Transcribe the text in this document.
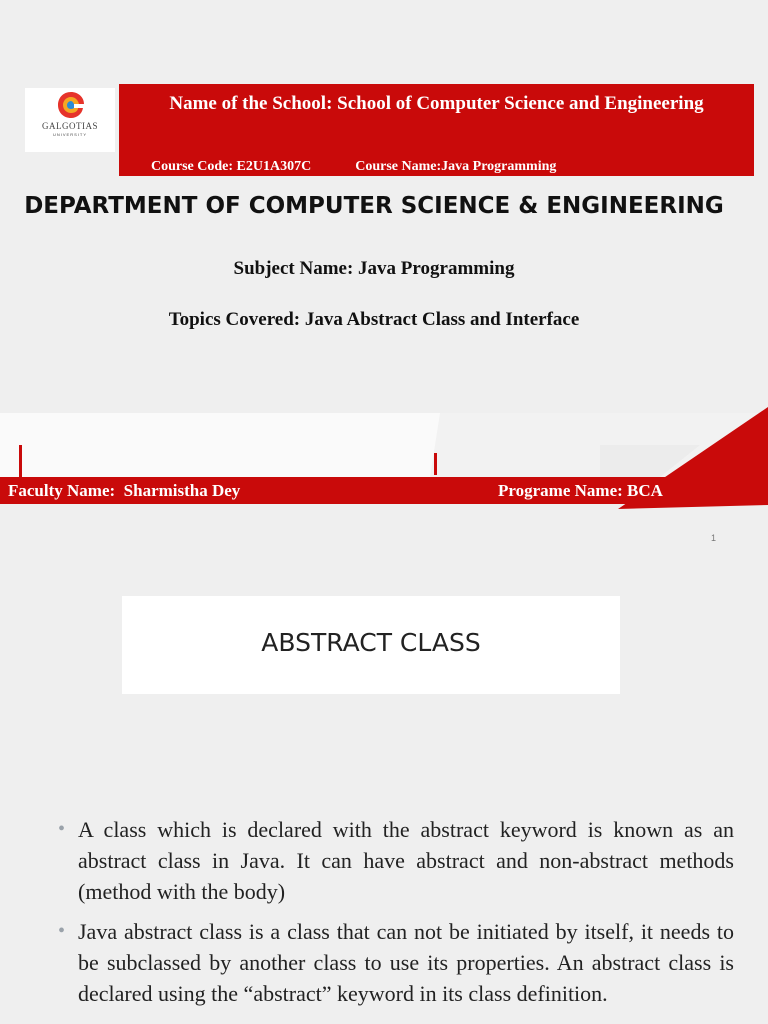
GALGOTIAS
UNIVERSITY
Name of the School: School of Computer Science and Engineering
Course Code: E2U1A307C	Course Name:Java Programming
DEPARTMENT OF COMPUTER SCIENCE & ENGINEERING
Subject Name: Java Programming
Topics Covered: Java Abstract Class and Interface
Faculty Name:  Sharmistha Dey	Programe Name: BCA
1
ABSTRACT CLASS
• A class which is declared with the abstract keyword is known as an abstract class in Java. It can have abstract and non-abstract methods (method with the body)
• Java abstract class is a class that can not be initiated by itself, it needs to be subclassed by another class to use its properties. An abstract class is declared using the “abstract” keyword in its class definition.
